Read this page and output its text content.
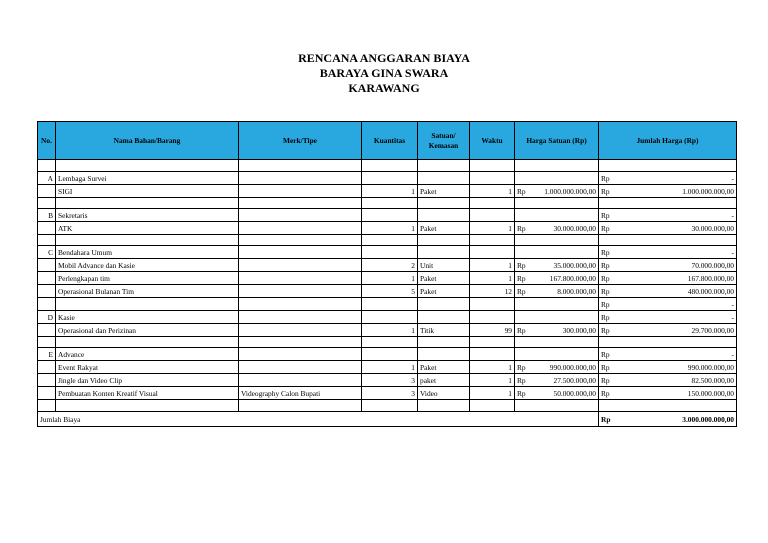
RENCANA ANGGARAN BIAYA
BARAYA GINA SWARA
KARAWANG
No.	Nama Bahan/Barang	Merk/Tipe	Kuantitas	Satuan/ Kemasan	Waktu	Harga Satuan (Rp)	Jumlah Harga (Rp)

A	Lembaga Survei						Rp -

	SIGI		1	Paket	1	Rp 1.000.000.000,00	Rp 1.000.000.000,00

B	Sekretaris						Rp -

	ATK		1	Paket	1	Rp 30.000.000,00	Rp 30.000.000,00

C	Bendahara Umum						Rp -

	Mobil Advance dan Kasie		2	Unit	1	Rp 35.000.000,00	Rp 70.000.000,00

	Perlengkapan tim		1	Paket	1	Rp 167.800.000,00	Rp 167.800.000,00

	Operasional Bulanan Tim		5	Paket	12	Rp 8.000.000,00	Rp 480.000.000,00

							Rp -

D	Kasie						Rp -

	Operasional dan Perizinan		1	Titik	99	Rp 300.000,00	Rp 29.700.000,00

E	Advance						Rp -

	Event Rakyat		1	Paket	1	Rp 990.000.000,00	Rp 990.000.000,00

	Jingle dan Video Clip		3	paket	1	Rp 27.500.000,00	Rp 82.500.000,00

	Pembuatan Konten Kreatif Visual	Videography Calon Bupati	3	Video	1	Rp 50.000.000,00	Rp 150.000.000,00

Jumlah Biaya							Rp 3.000.000.000,00
